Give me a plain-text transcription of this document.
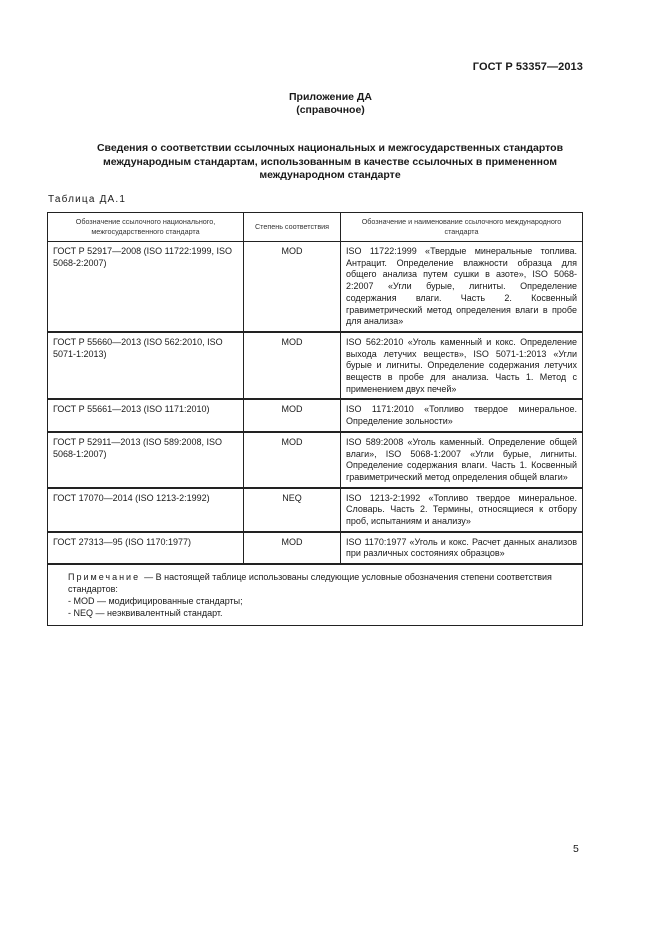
ГОСТ Р 53357—2013
Приложение ДА
(справочное)
Сведения о соответствии ссылочных национальных и межгосударственных стандартов
международным стандартам, использованным в качестве ссылочных в примененном
международном стандарте
Таблица ДА.1
Обозначение ссылочного национального, межгосударственного стандарта	Степень соответствия	Обозначение и наименование ссылочного международного стандарта
ГОСТ Р 52917—2008 (ISO 11722:1999, ISO 5068-2:2007)	MOD	ISO 11722:1999 «Твердые минеральные топлива. Антрацит. Определение влажности образца для общего анализа путем сушки в азоте», ISO 5068-2:2007 «Угли бурые, лигниты. Определение содержания влаги. Часть 2. Косвенный гравиметрический метод определения влаги в пробе для анализа»
ГОСТ Р 55660—2013 (ISO 562:2010, ISO 5071-1:2013)	MOD	ISO 562:2010 «Уголь каменный и кокс. Определение выхода летучих веществ», ISO 5071-1:2013 «Угли бурые и лигниты. Определение содержания летучих веществ в пробе для анализа. Часть 1. Метод с применением двух печей»
ГОСТ Р 55661—2013 (ISO 1171:2010)	MOD	ISO 1171:2010 «Топливо твердое минеральное. Определение зольности»
ГОСТ Р 52911—2013 (ISO 589:2008, ISO 5068-1:2007)	MOD	ISO 589:2008 «Уголь каменный. Определение общей влаги», ISO 5068-1:2007 «Угли бурые, лигниты. Определение содержания влаги. Часть 1. Косвенный гравиметрический метод определения общей влаги»
ГОСТ 17070—2014 (ISO 1213-2:1992)	NEQ	ISO 1213-2:1992 «Топливо твердое минеральное. Словарь. Часть 2. Термины, относящиеся к отбору проб, испытаниям и анализу»
ГОСТ 27313—95 (ISO 1170:1977)	MOD	ISO 1170:1977 «Уголь и кокс. Расчет данных анализов при различных состояниях образцов»
Примечание — В настоящей таблице использованы следующие условные обозначения степени соответствия стандартов:
- MOD — модифицированные стандарты;
- NEQ — неэквивалентный стандарт.		
5
